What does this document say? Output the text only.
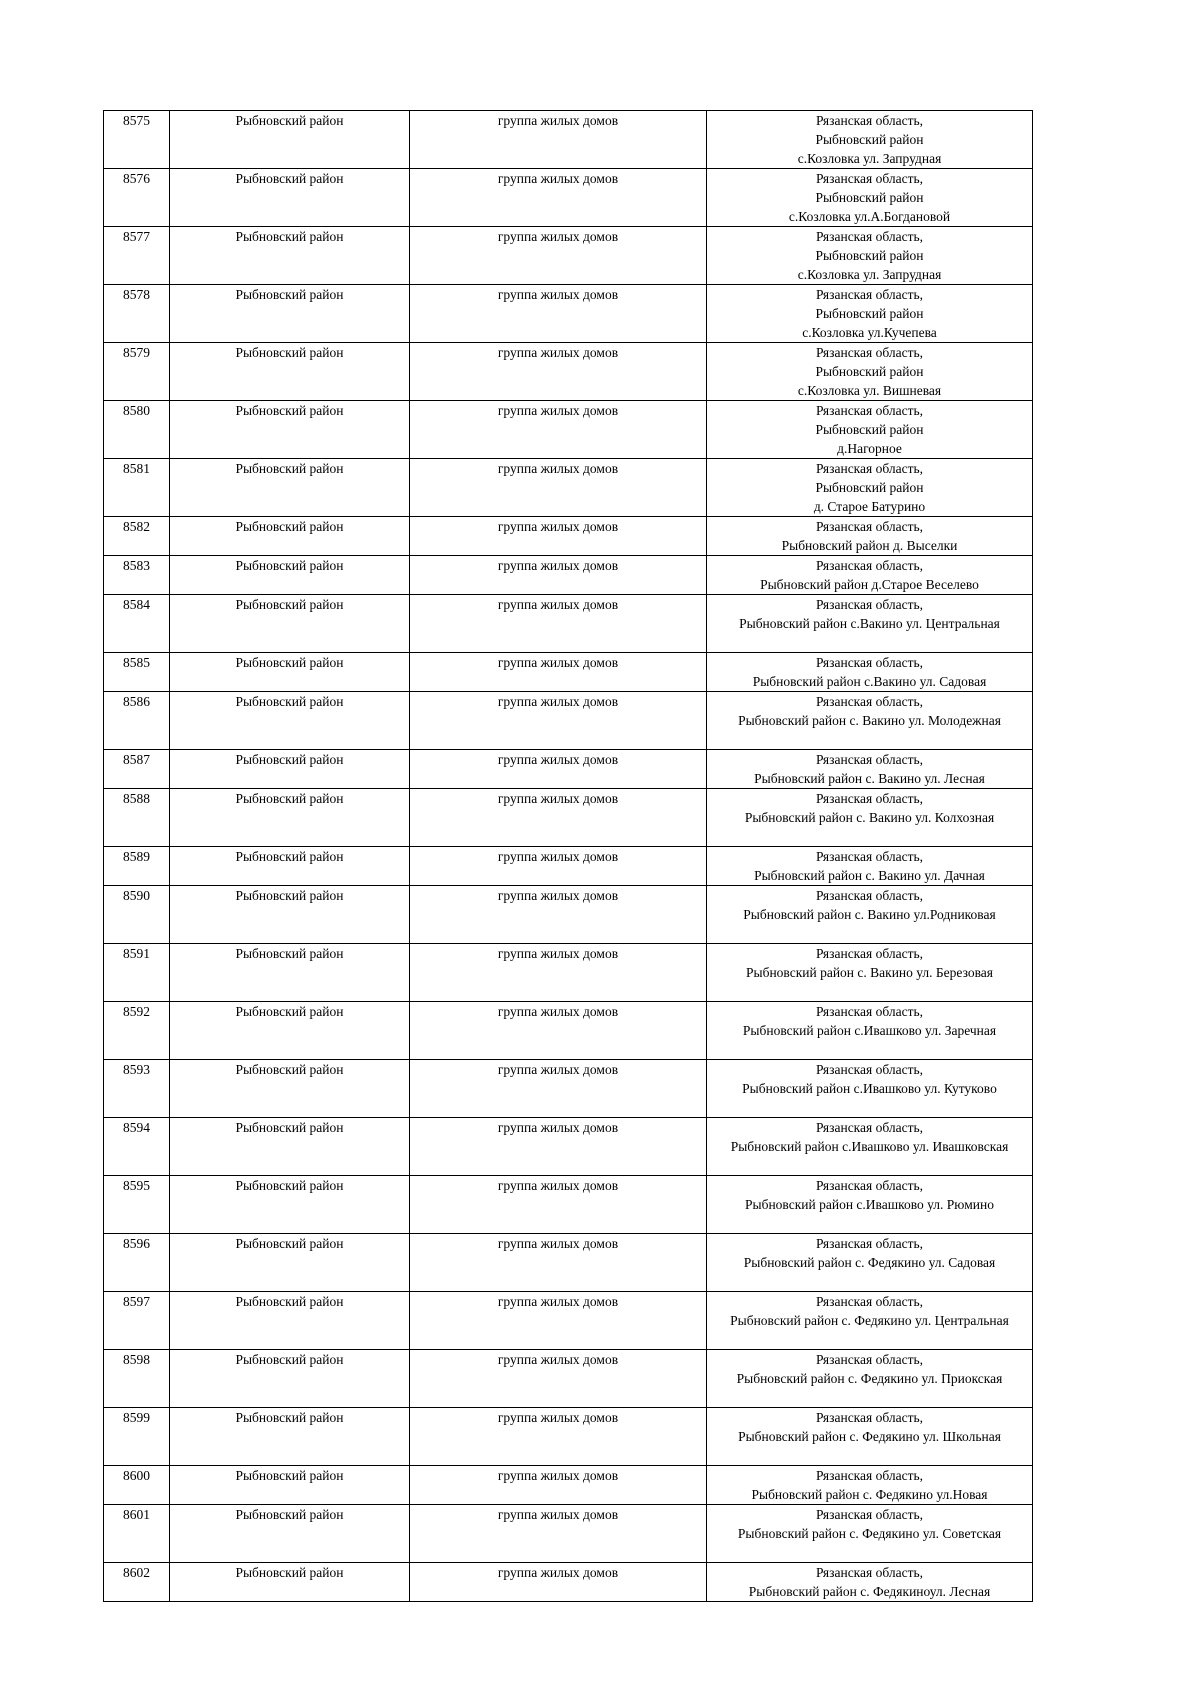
8575	Рыбновский район	группа жилых домов	Рязанская область,
Рыбновский район
с.Козловка ул. Запрудная

8576	Рыбновский район	группа жилых домов	Рязанская область,
Рыбновский район
с.Козловка ул.А.Богдановой

8577	Рыбновский район	группа жилых домов	Рязанская область,
Рыбновский район
с.Козловка ул. Запрудная

8578	Рыбновский район	группа жилых домов	Рязанская область,
Рыбновский район
с.Козловка ул.Кучепева

8579	Рыбновский район	группа жилых домов	Рязанская область,
Рыбновский район
с.Козловка ул. Вишневая

8580	Рыбновский район	группа жилых домов	Рязанская область,
Рыбновский район
д.Нагорное

8581	Рыбновский район	группа жилых домов	Рязанская область,
Рыбновский район
д. Старое Батурино

8582	Рыбновский район	группа жилых домов	Рязанская область,
Рыбновский район д. Выселки

8583	Рыбновский район	группа жилых домов	Рязанская область,
Рыбновский район д.Старое Веселево

8584	Рыбновский район	группа жилых домов	Рязанская область,
Рыбновский район с.Вакино ул. Центральная

8585	Рыбновский район	группа жилых домов	Рязанская область,
Рыбновский район с.Вакино ул. Садовая

8586	Рыбновский район	группа жилых домов	Рязанская область,
Рыбновский район с. Вакино ул. Молодежная

8587	Рыбновский район	группа жилых домов	Рязанская область,
Рыбновский район с. Вакино ул. Лесная

8588	Рыбновский район	группа жилых домов	Рязанская область,
Рыбновский район с. Вакино ул. Колхозная

8589	Рыбновский район	группа жилых домов	Рязанская область,
Рыбновский район с. Вакино ул. Дачная

8590	Рыбновский район	группа жилых домов	Рязанская область,
Рыбновский район с. Вакино ул.Родниковая

8591	Рыбновский район	группа жилых домов	Рязанская область,
Рыбновский район с. Вакино ул. Березовая

8592	Рыбновский район	группа жилых домов	Рязанская область,
Рыбновский район с.Ивашково ул. Заречная

8593	Рыбновский район	группа жилых домов	Рязанская область,
Рыбновский район с.Ивашково ул. Кутуково

8594	Рыбновский район	группа жилых домов	Рязанская область,
Рыбновский район с.Ивашково ул. Ивашковская

8595	Рыбновский район	группа жилых домов	Рязанская область,
Рыбновский район с.Ивашково ул. Рюмино

8596	Рыбновский район	группа жилых домов	Рязанская область,
Рыбновский район с. Федякино ул. Садовая

8597	Рыбновский район	группа жилых домов	Рязанская область,
Рыбновский район с. Федякино ул. Центральная

8598	Рыбновский район	группа жилых домов	Рязанская область,
Рыбновский район с. Федякино ул. Приокская

8599	Рыбновский район	группа жилых домов	Рязанская область,
Рыбновский район с. Федякино ул. Школьная

8600	Рыбновский район	группа жилых домов	Рязанская область,
Рыбновский район с. Федякино ул.Новая

8601	Рыбновский район	группа жилых домов	Рязанская область,
Рыбновский район с. Федякино ул. Советская

8602	Рыбновский район	группа жилых домов	Рязанская область,
Рыбновский район с. Федякиноул. Лесная
